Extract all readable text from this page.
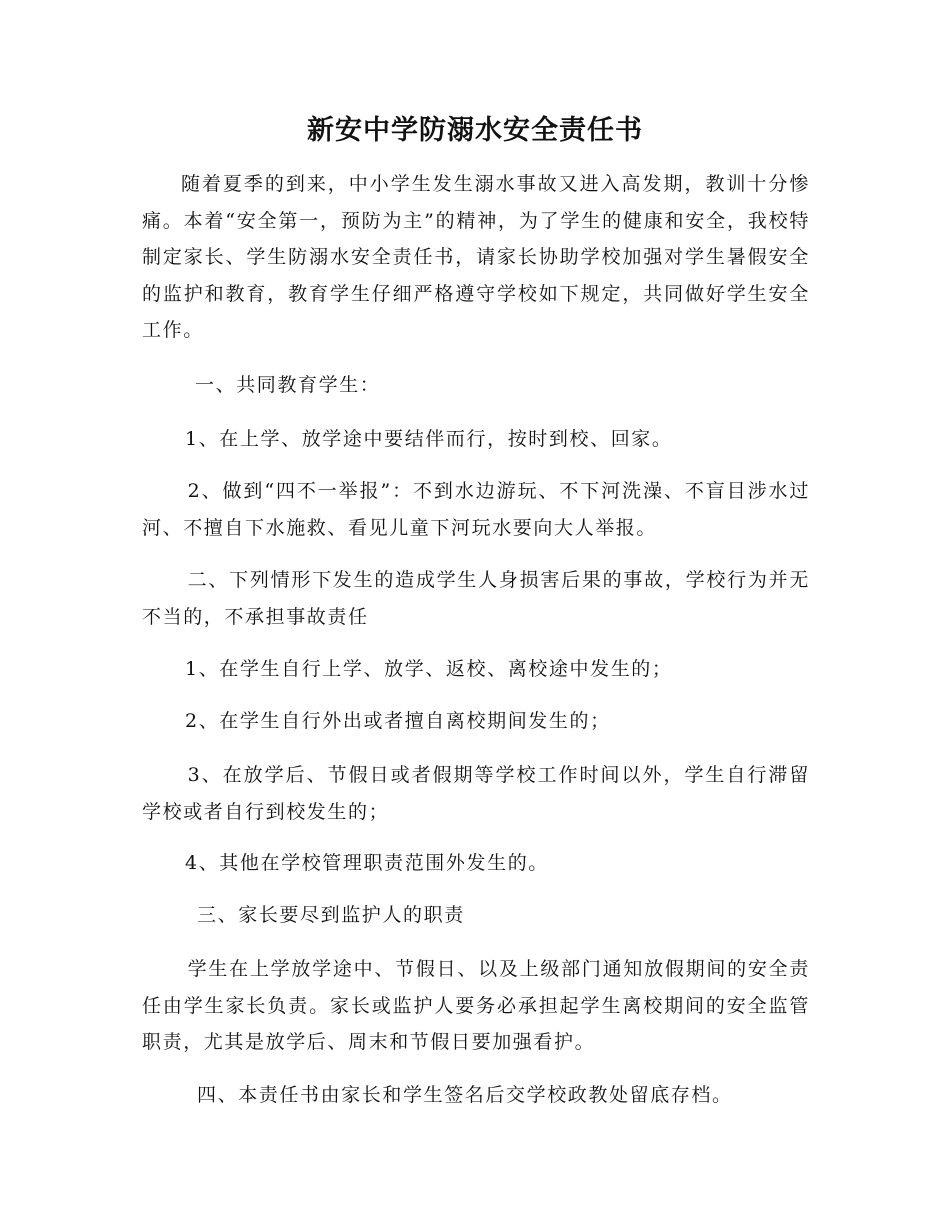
新安中学防溺水安全责任书

随着夏季的到来，中小学生发生溺水事故又进入高发期，教训十分惨痛。本着“安全第一，预防为主”的精神，为了学生的健康和安全，我校特制定家长、学生防溺水安全责任书，请家长协助学校加强对学生暑假安全的监护和教育，教育学生仔细严格遵守学校如下规定，共同做好学生安全工作。

一、共同教育学生：

1、在上学、放学途中要结伴而行，按时到校、回家。

2、做到“四不一举报”：不到水边游玩、不下河洗澡、不盲目涉水过河、不擅自下水施救、看见儿童下河玩水要向大人举报。

二、下列情形下发生的造成学生人身损害后果的事故，学校行为并无不当的，不承担事故责任

1、在学生自行上学、放学、返校、离校途中发生的；

2、在学生自行外出或者擅自离校期间发生的；

3、在放学后、节假日或者假期等学校工作时间以外，学生自行滞留学校或者自行到校发生的；

4、其他在学校管理职责范围外发生的。

三、家长要尽到监护人的职责

学生在上学放学途中、节假日、以及上级部门通知放假期间的安全责任由学生家长负责。家长或监护人要务必承担起学生离校期间的安全监管职责，尤其是放学后、周末和节假日要加强看护。

四、本责任书由家长和学生签名后交学校政教处留底存档。
